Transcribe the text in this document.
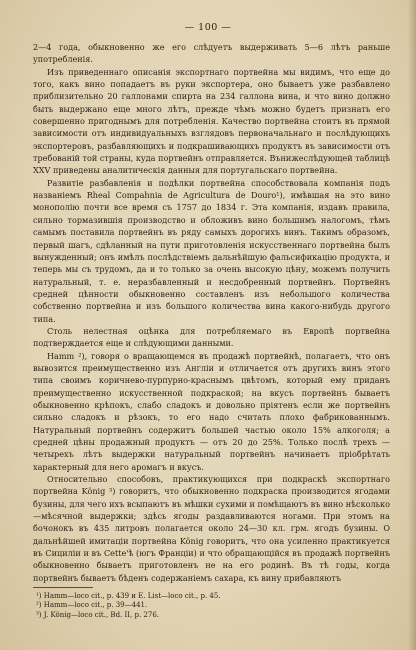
— 100 —

2—4 года, обыкновенно же его слѣдуетъ выдерживать 5—6 лѣтъ раньше употребленія.

Изъ приведеннаго описанія экспортнаго портвейна мы видимъ, что еще до того, какъ вино попадаетъ въ руки экспортера, оно бываетъ уже разбавлено приблизительно 20 галлонами спирта на 234 галлона вина, и что вино должно быть выдержано еще много лѣтъ, прежде чѣмъ можно будетъ признать его совершенно пригоднымъ для потребленія. Качество портвейна стоитъ въ прямой зависимости отъ индивидуальныхъ взглядовъ первоначальнаго и послѣдующихъ экспортеровъ, разбавляющихъ и подкрашивающихъ продуктъ въ зависимости отъ требованій той страны, куда портвейнъ отправляется. Вънижеслѣдующей таблицѣ XXV приведены аналитическія данныя для португальскаго портвейна.

Развитіе разбавленія и подѣлки портвейна способствовала компанія подъ названіемъ Rheal Compahnia de Agricultura de Douro¹), имѣвшая на это вино монополію почти все время съ 1757 до 1834 г. Эта компанія, издавъ правила, сильно тормазившія производство и обложивъ вино большимъ налогомъ, тѣмъ самымъ поставила портвейнъ въ ряду самыхъ дорогихъ винъ. Такимъ образомъ, первый шагъ, сдѣланный на пути приготовленія искусственнаго портвейна былъ вынужденный; онъ имѣлъ послѣдствіемъ дальнѣйшую фальсификацію продукта, и теперь мы съ трудомъ, да и то только за очень высокую цѣну, можемъ получить натуральный, т. е. неразбавленный и несдобренный портвейнъ. Портвейнъ средней цѣнности обыкновенно составленъ изъ небольшого количества собственно портвейна и изъ большого количества вина какого-нибудь другого типа.

Столь нелестная оцѣнка для потребляемаго въ Европѣ портвейна подтверждается еще и слѣдующими данными.

Hamm ²), говоря о вращающемся въ продажѣ портвейнѣ, полагаетъ, что онъ вывозится преимущественно изъ Англіи и отличается отъ другихъ винъ этого типа своимъ коричнево-пурпурно-краснымъ цвѣтомъ, который ему приданъ преимущественно искусственной подкраской; на вкусъ портвейнъ бываетъ обыкновенно крѣпокъ, слабо сладокъ и довольно пріятенъ если же портвейнъ сильно сладокъ и рѣзокъ, то его надо считать плохо фабрикованнымъ. Натуральный портвейнъ содержитъ большей частью около 15% алкоголя; а средней цѣны продажный продуктъ — отъ 20 до 25%. Только послѣ трехъ — четырехъ лѣтъ выдержки натуральный портвейнъ начинаетъ пріобрѣтать характерный для него аромагъ и вкусъ.

Относительно способовъ, практикующихся при подкраскѣ экспортнаго портвейна König ³) говоритъ, что обыкновенно подкраска производится ягодами бузины, для чего ихъ всыпаютъ въ мѣшки сухими и помѣщаютъ въ вино нѣсколько—мѣсячной выдержки; здѣсь ягоды раздавливаются ногами. При этомъ на бочонокъ въ 435 литровъ полагается около 24—30 кл. грм. ягодъ бузины. О дальнѣйшей имитаціи портвейна König говоритъ, что она усиленно практикуется въ Сициліи и въ Cette'ѣ (югъ Франціи) и что обращающійся въ продажѣ портвейнъ обыкновенно бываетъ приготовленъ не на его родинѣ. Въ тѣ годы, когда портвейнъ бываетъ бѣденъ содержаніемъ сахара, къ вину прибавляютъ

¹) Hamm—loco cit., p. 439 и E. List—loco cit., p. 45.
²) Hamm—loco cit., p. 39—441.
³) J. König—loco cit., Bd. II, p. 276.
